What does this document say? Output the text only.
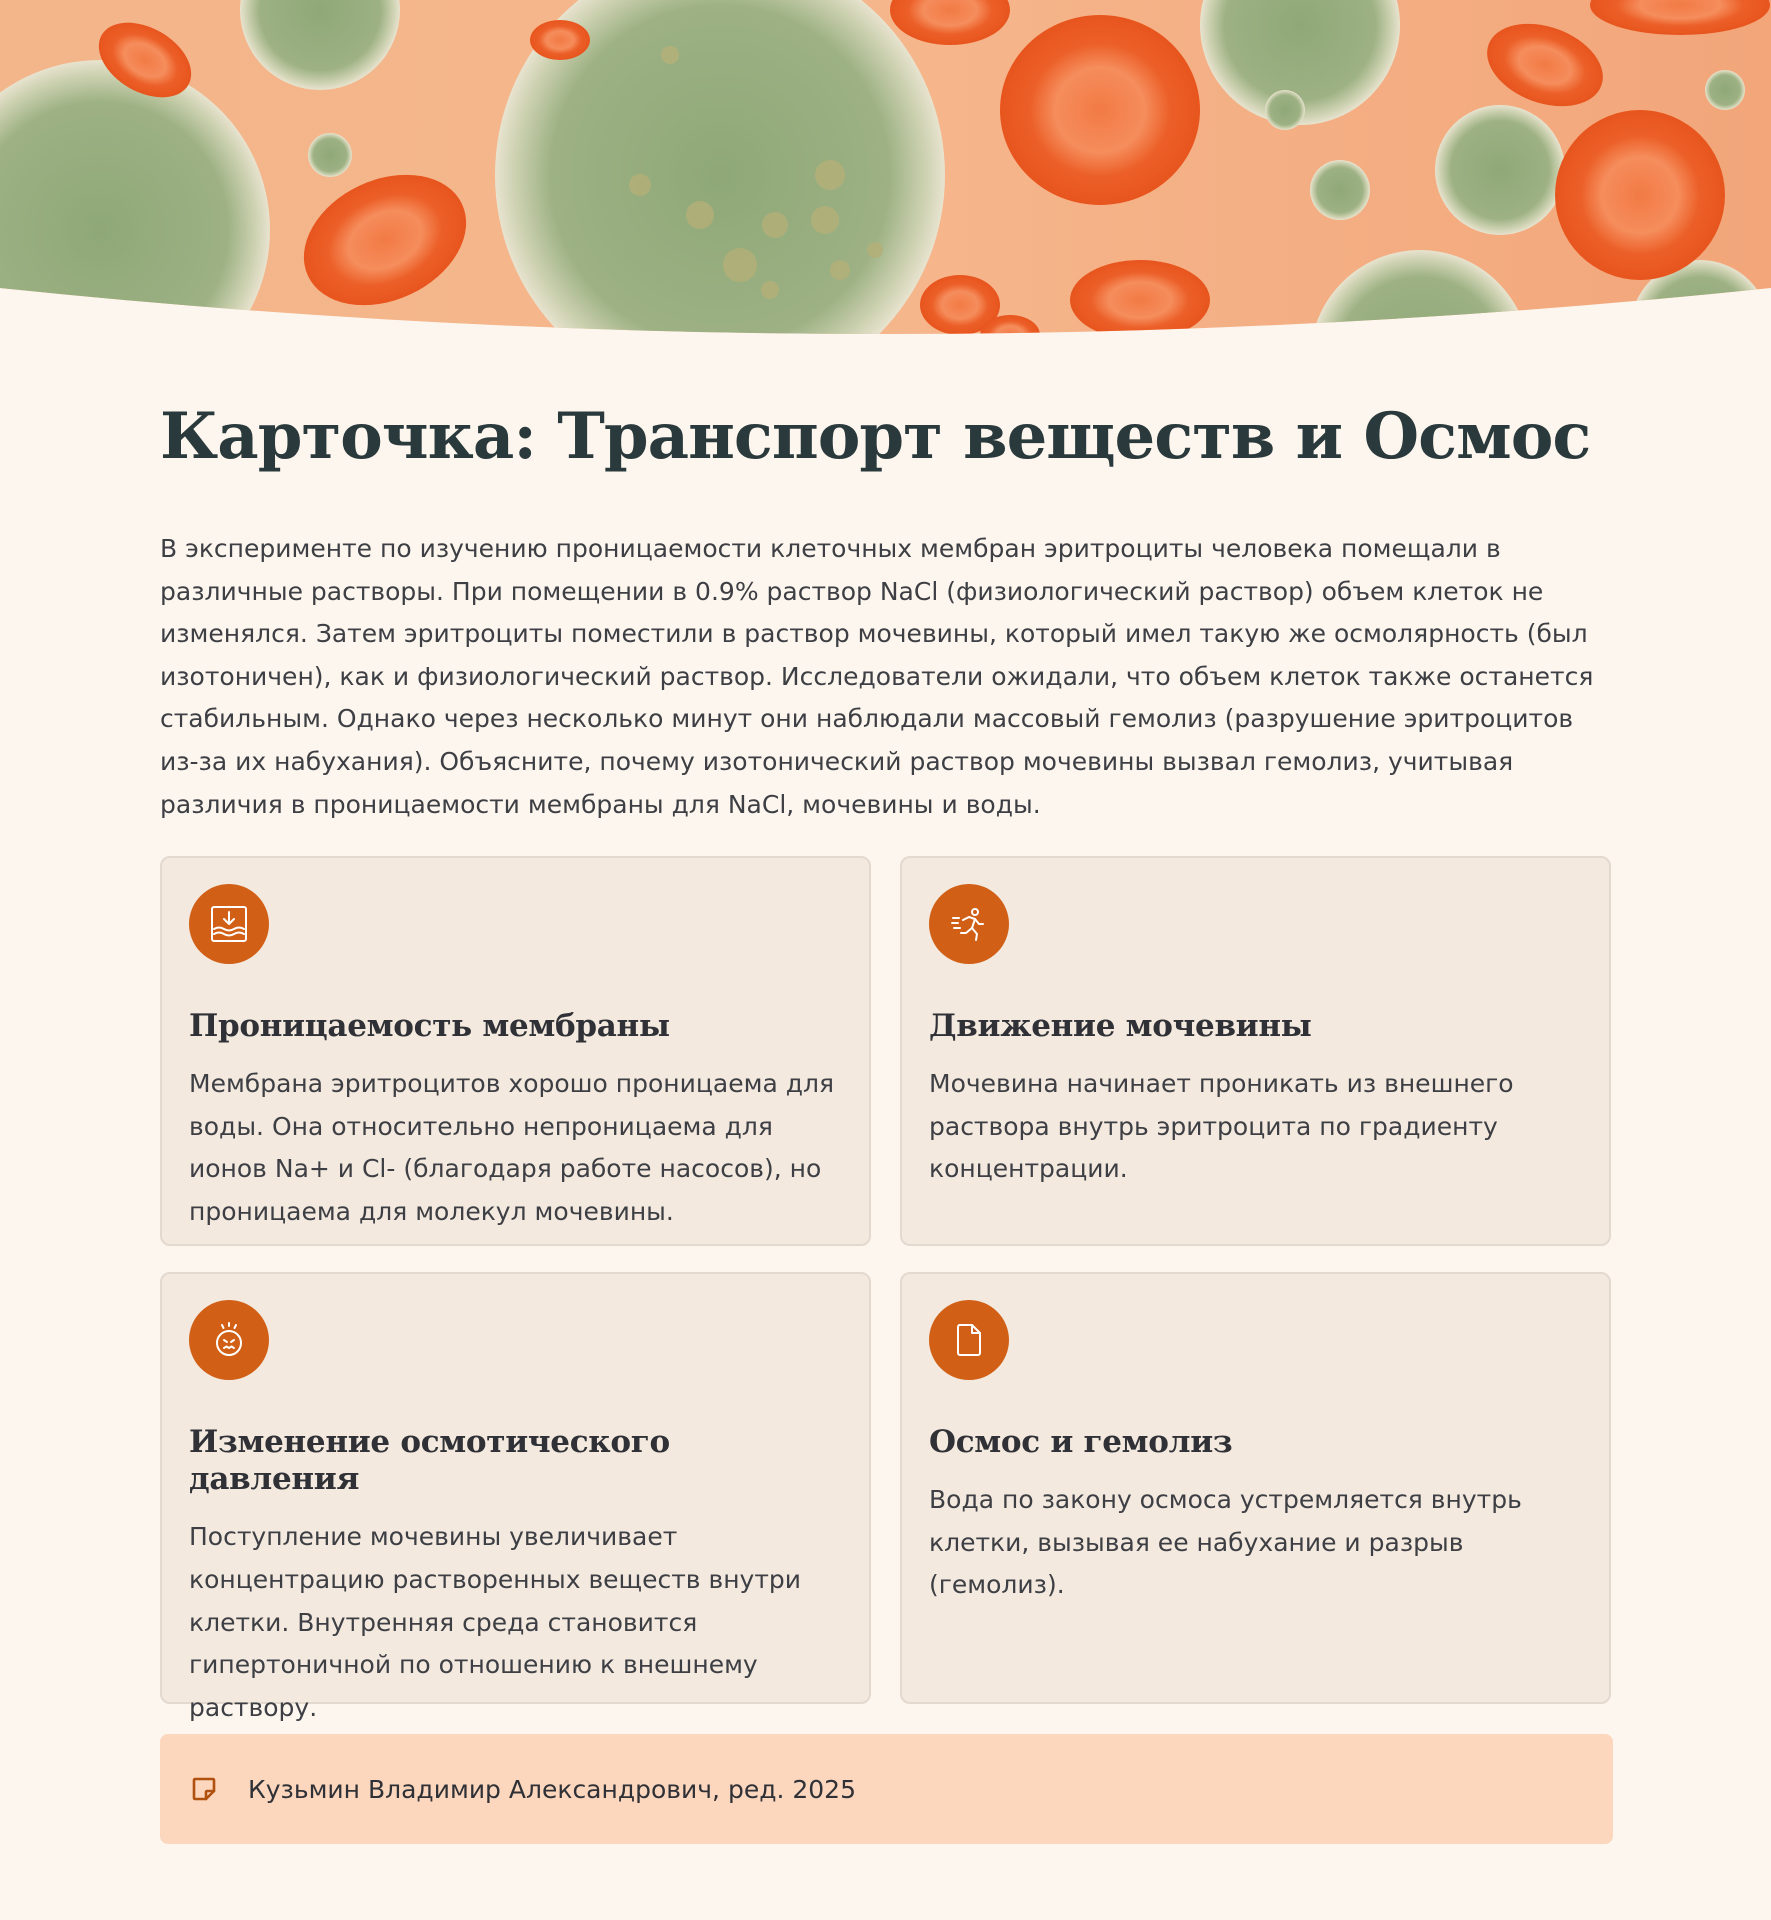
Карточка: Транспорт веществ и Осмос

В эксперименте по изучению проницаемости клеточных мембран эритроциты человека помещали в различные растворы. При помещении в 0.9% раствор NaCl (физиологический раствор) объем клеток не изменялся. Затем эритроциты поместили в раствор мочевины, который имел такую же осмолярность (был изотоничен), как и физиологический раствор. Исследователи ожидали, что объем клеток также останется стабильным. Однако через несколько минут они наблюдали массовый гемолиз (разрушение эритроцитов из-за их набухания). Объясните, почему изотонический раствор мочевины вызвал гемолиз, учитывая различия в проницаемости мембраны для NaCl, мочевины и воды.

Проницаемость мембраны

Мембрана эритроцитов хорошо проницаема для воды. Она относительно непроницаема для ионов Na+ и Cl- (благодаря работе насосов), но проницаема для молекул мочевины.

Движение мочевины

Мочевина начинает проникать из внешнего раствора внутрь эритроцита по градиенту концентрации.

Изменение осмотического давления

Поступление мочевины увеличивает концентрацию растворенных веществ внутри клетки. Внутренняя среда становится гипертоничной по отношению к внешнему раствору.

Осмос и гемолиз

Вода по закону осмоса устремляется внутрь клетки, вызывая ее набухание и разрыв (гемолиз).

Кузьмин Владимир Александрович, ред. 2025
